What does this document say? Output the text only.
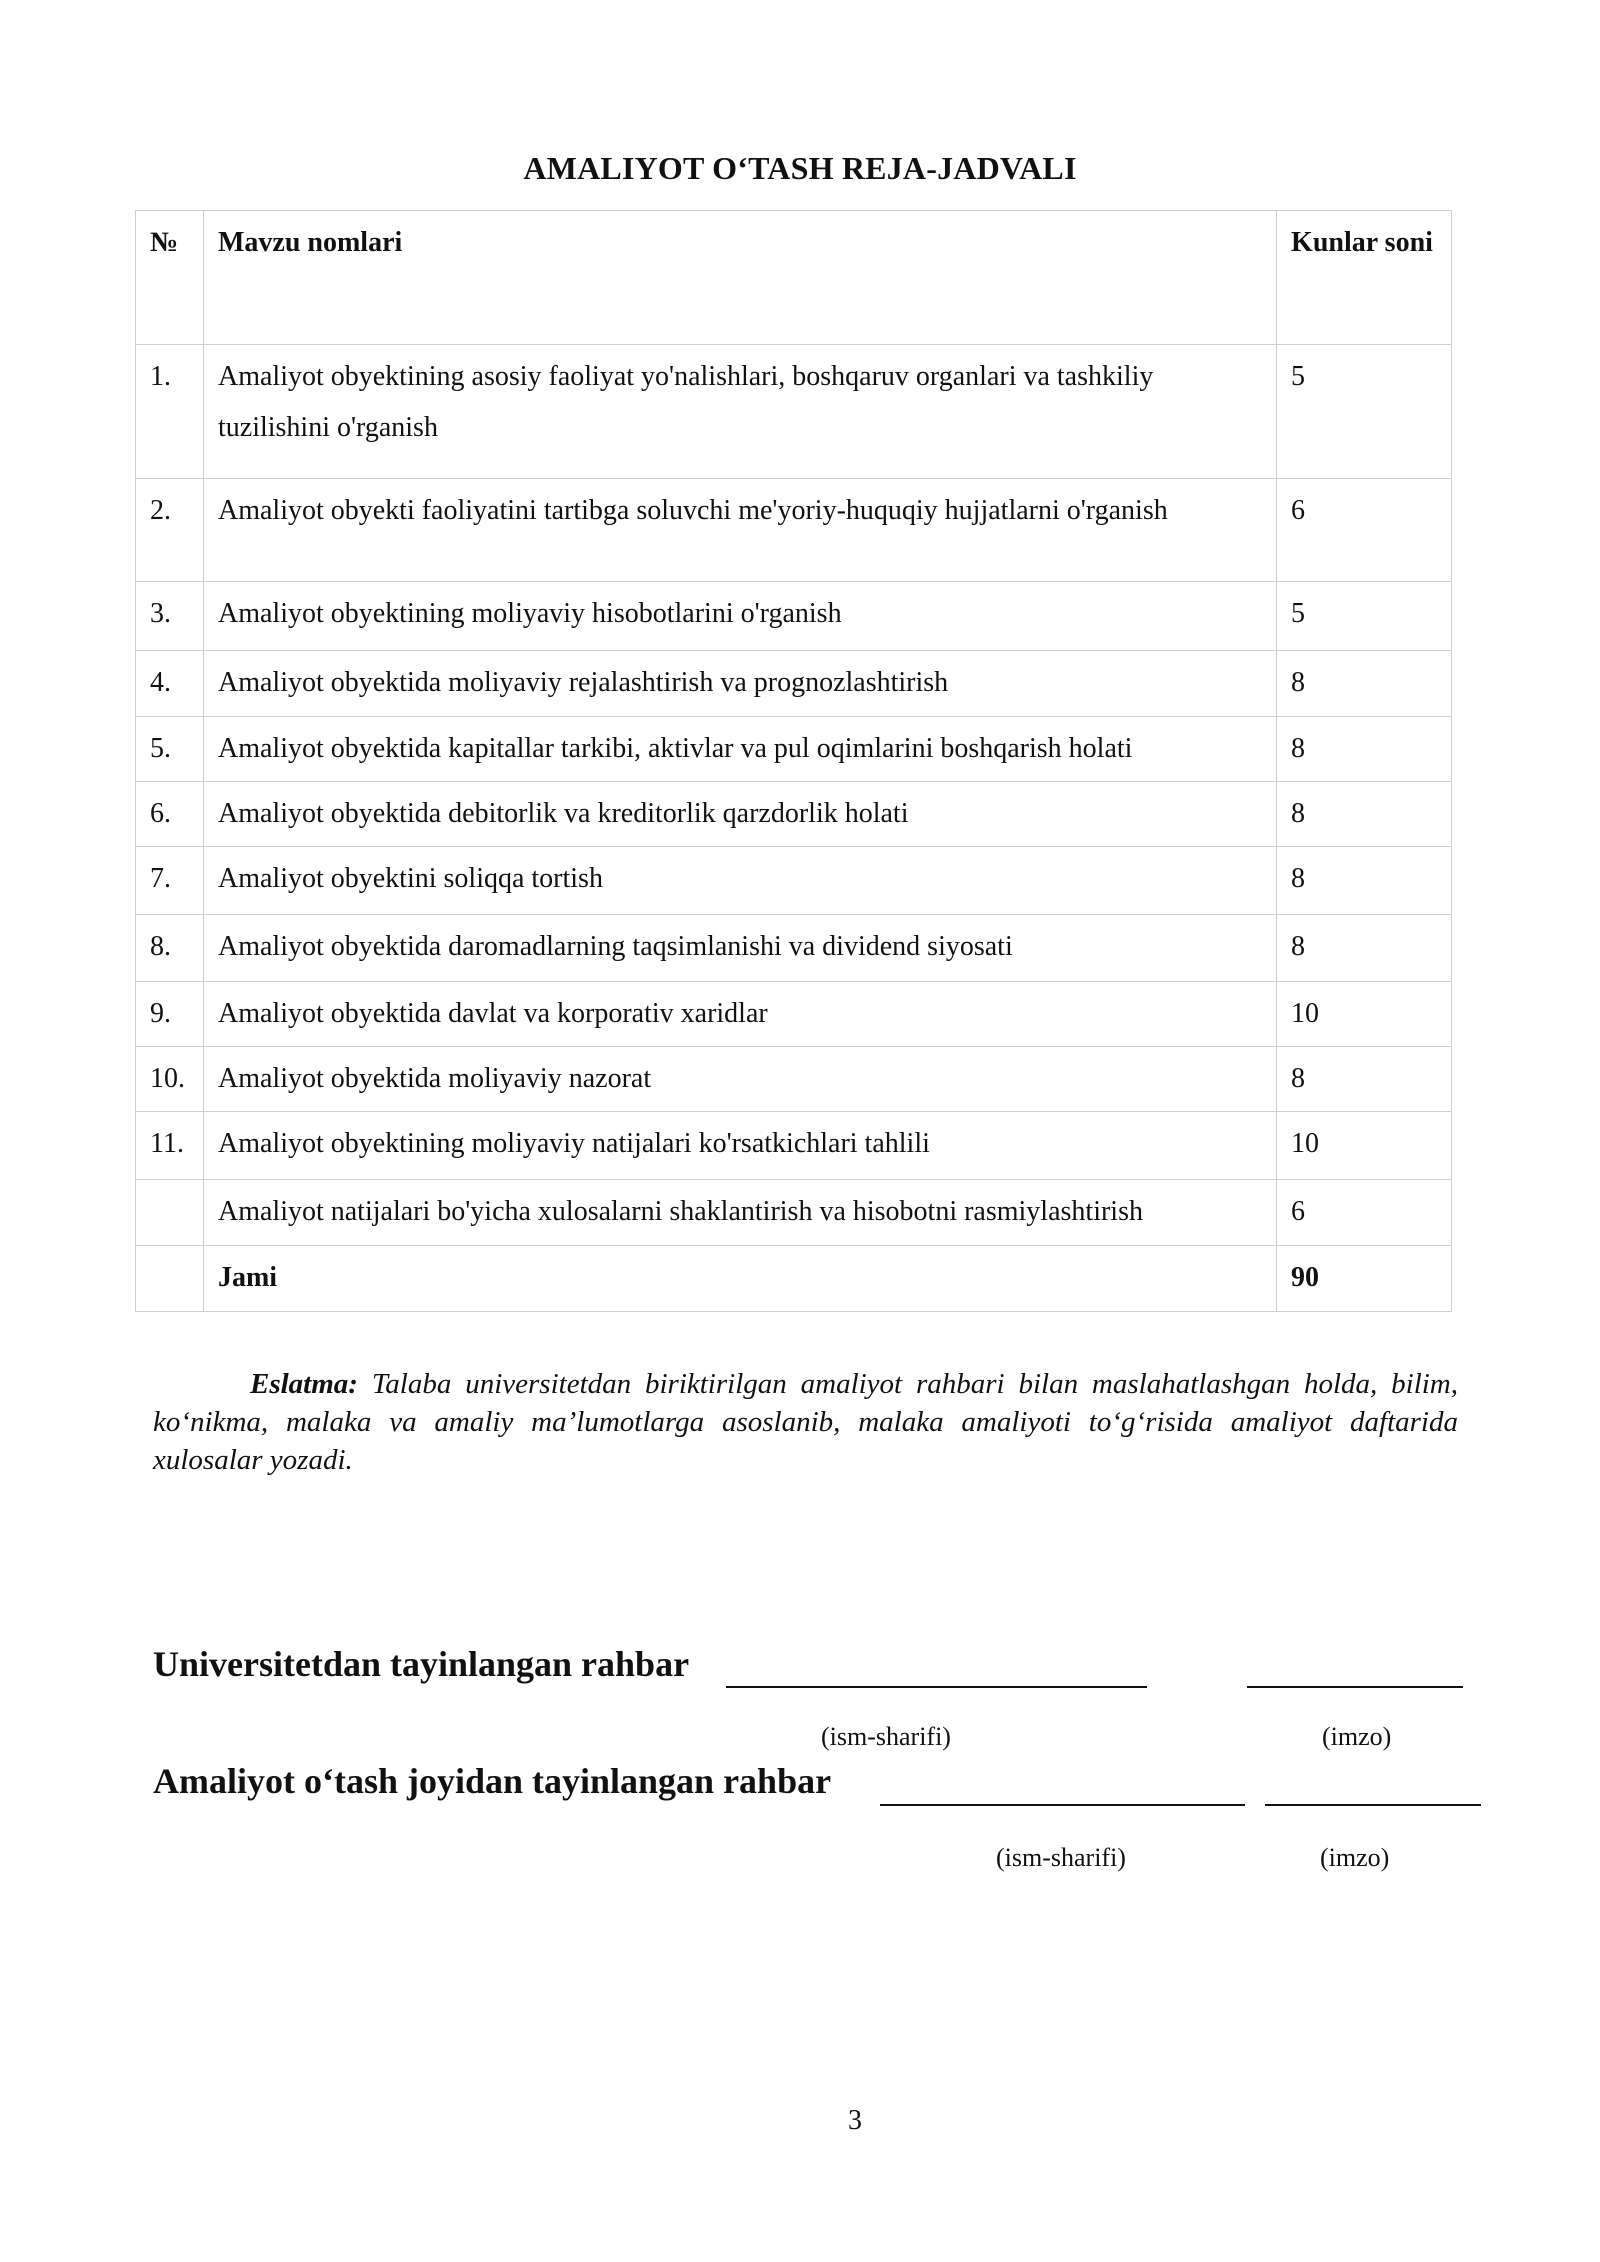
AMALIYOT O‘TASH REJA-JADVALI
№	Mavzu nomlari	Kunlar soni
1.	Amaliyot obyektining asosiy faoliyat yo'nalishlari, boshqaruv organlari va tashkiliy tuzilishini o'rganish	5
2.	Amaliyot obyekti faoliyatini tartibga soluvchi me'yoriy-huquqiy hujjatlarni o'rganish	6
3.	Amaliyot obyektining moliyaviy hisobotlarini o'rganish	5
4.	Amaliyot obyektida moliyaviy rejalashtirish va prognozlashtirish	8
5.	Amaliyot obyektida kapitallar tarkibi, aktivlar va pul oqimlarini boshqarish holati	8
6.	Amaliyot obyektida debitorlik va kreditorlik qarzdorlik holati	8
7.	Amaliyot obyektini soliqqa tortish	8
8.	Amaliyot obyektida daromadlarning taqsimlanishi va dividend siyosati	8
9.	Amaliyot obyektida davlat va korporativ xaridlar	10
10.	Amaliyot obyektida moliyaviy nazorat	8
11.	Amaliyot obyektining moliyaviy natijalari ko'rsatkichlari tahlili	10
	Amaliyot natijalari bo'yicha xulosalarni shaklantirish va hisobotni rasmiylashtirish	6
	Jami	90
Eslatma: Talaba universitetdan biriktirilgan amaliyot rahbari bilan maslahatlashgan holda, bilim, ko‘nikma, malaka va amaliy ma’lumotlarga asoslanib, malaka amaliyoti to‘g‘risida amaliyot daftarida xulosalar yozadi.
Universitetdan tayinlangan rahbar
(ism-sharifi)	(imzo)
Amaliyot o‘tash joyidan tayinlangan rahbar
(ism-sharifi)	(imzo)
3
